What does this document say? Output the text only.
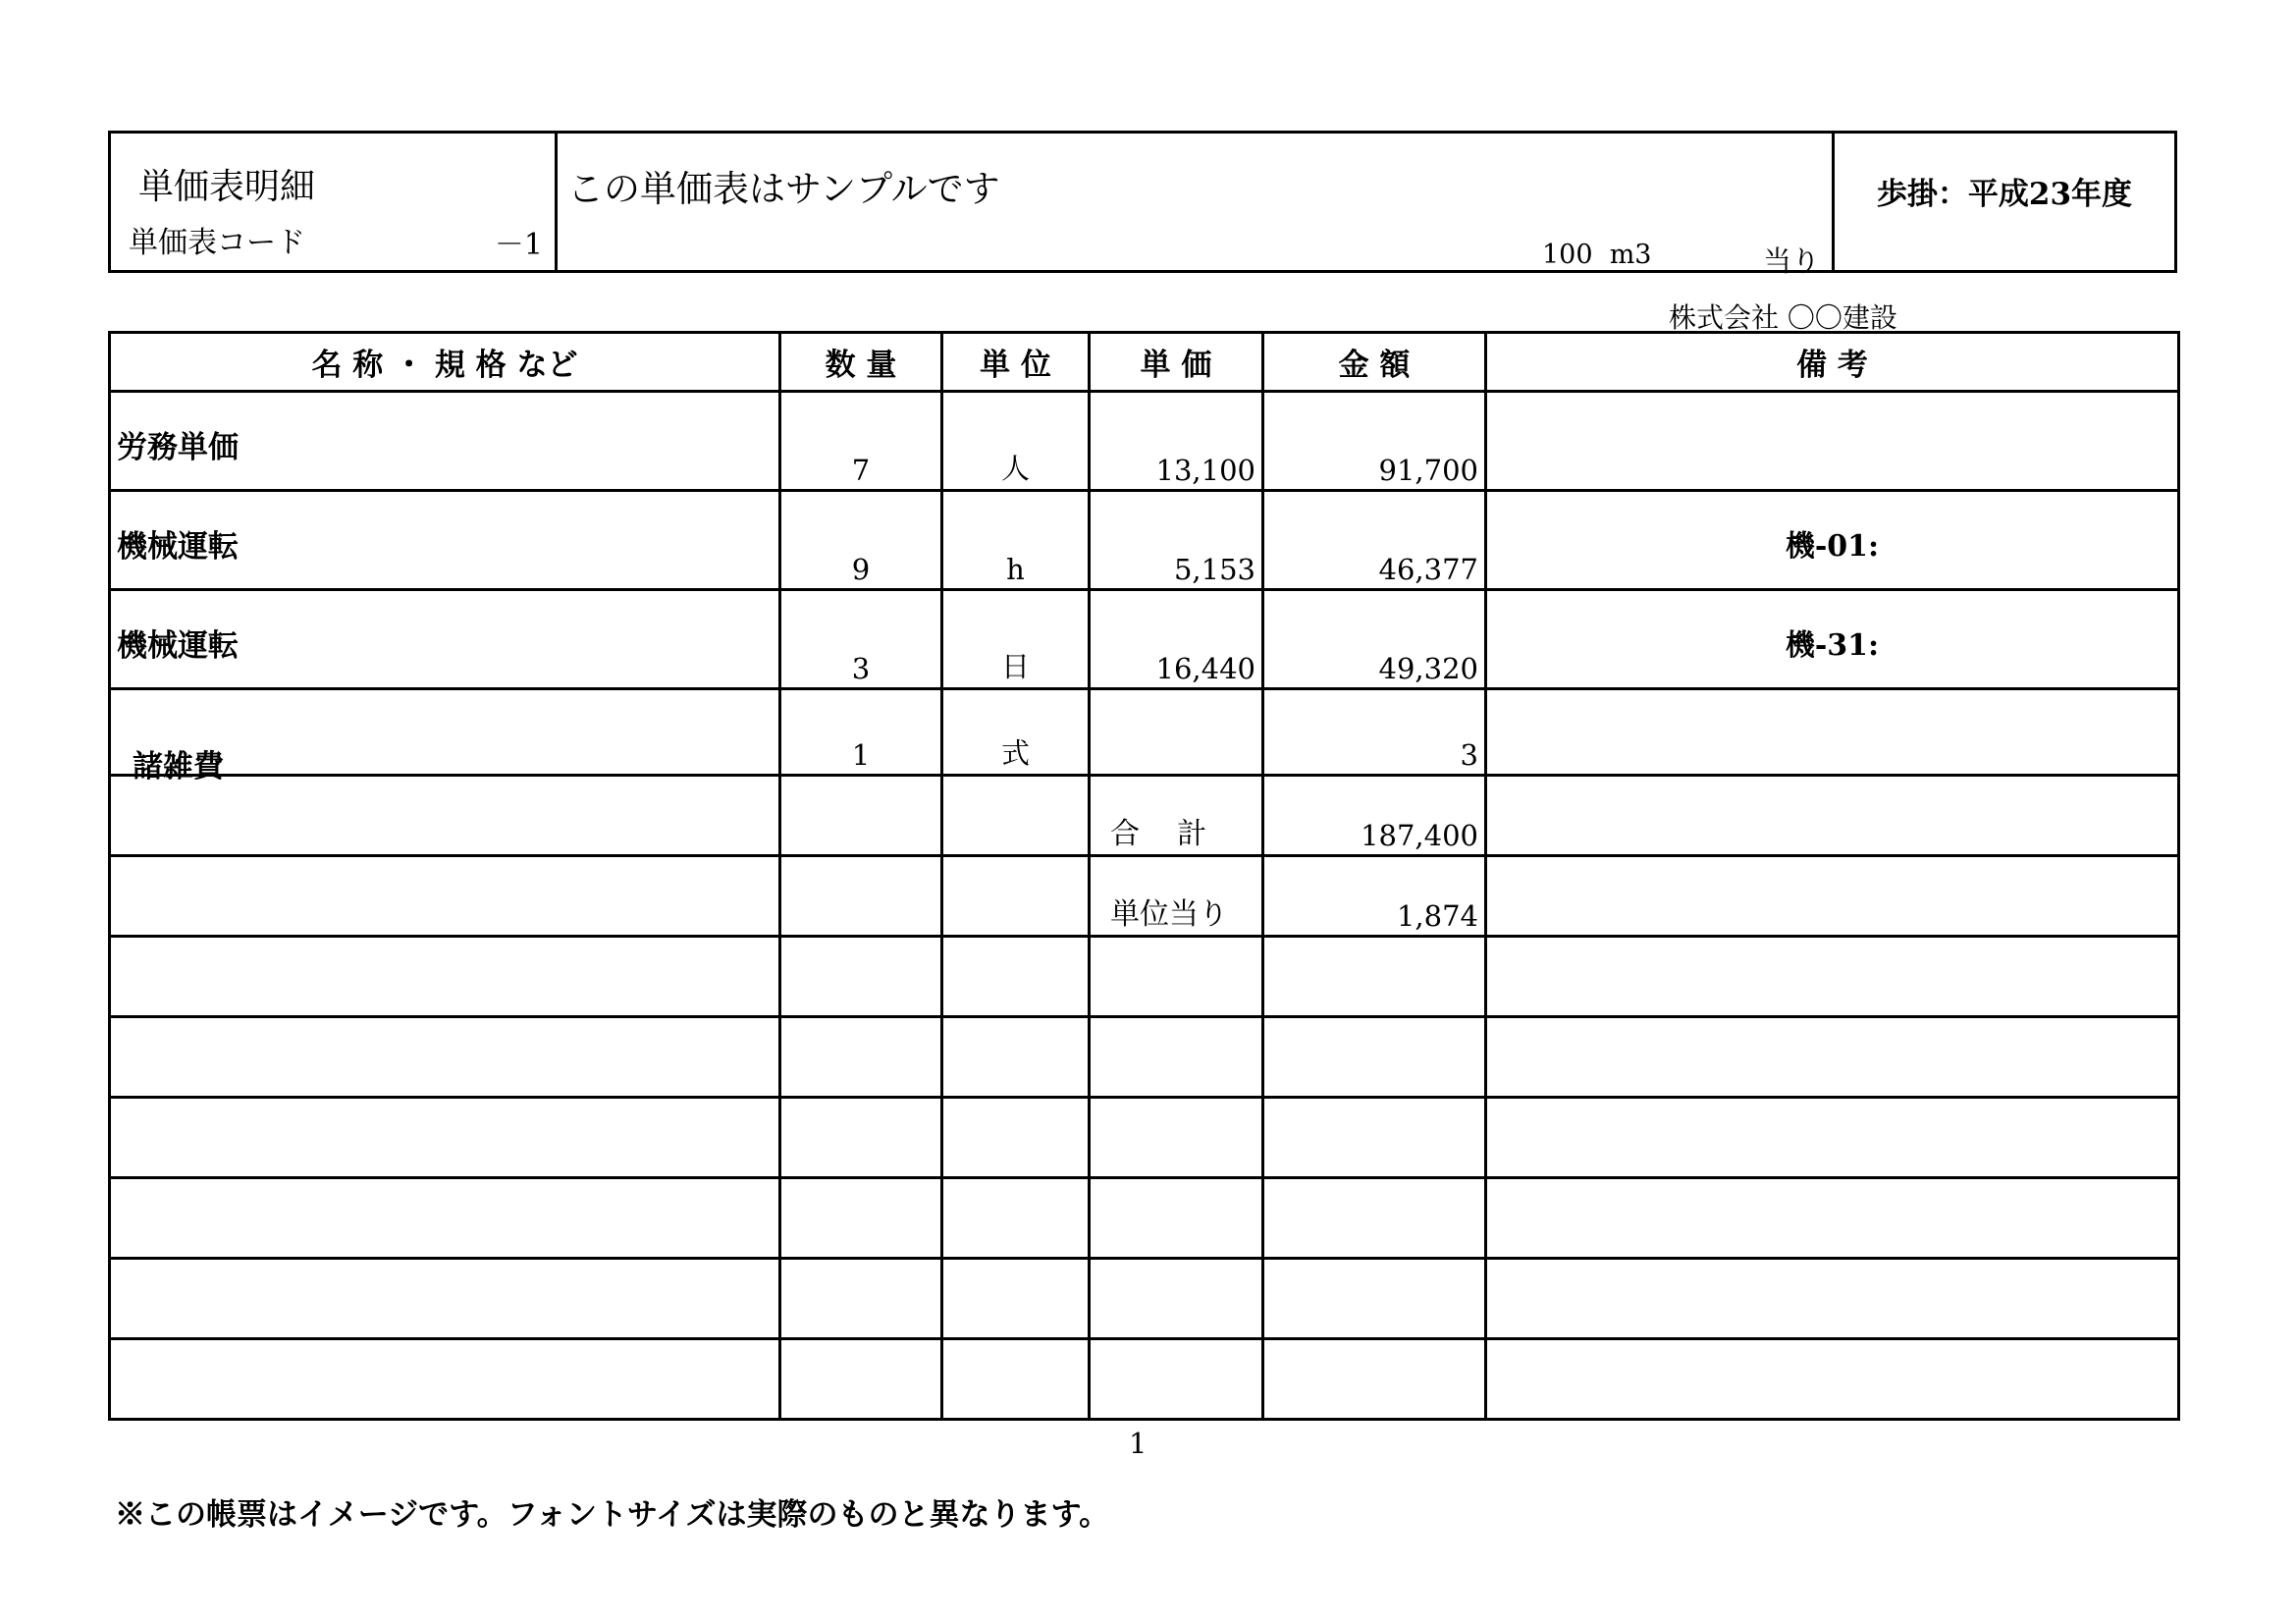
単価表明細
単価表コード	－1
この単価表はサンプルです
100  m3	当り
歩掛：平成23年度
株式会社 〇〇建設
名 称 ・ 規 格 など	数 量	単 位	単 価	金 額	備 考

労務単価	7	人	13,100	91,700	

機械運転	9	h	5,153	46,377	機-01:

機械運転	3	日	16,440	49,320	機-31:

諸雑費	1	式		3	

			合    計	187,400	

			単位当り	1,874	

1
※この帳票はイメージです。フォントサイズは実際のものと異なります。
